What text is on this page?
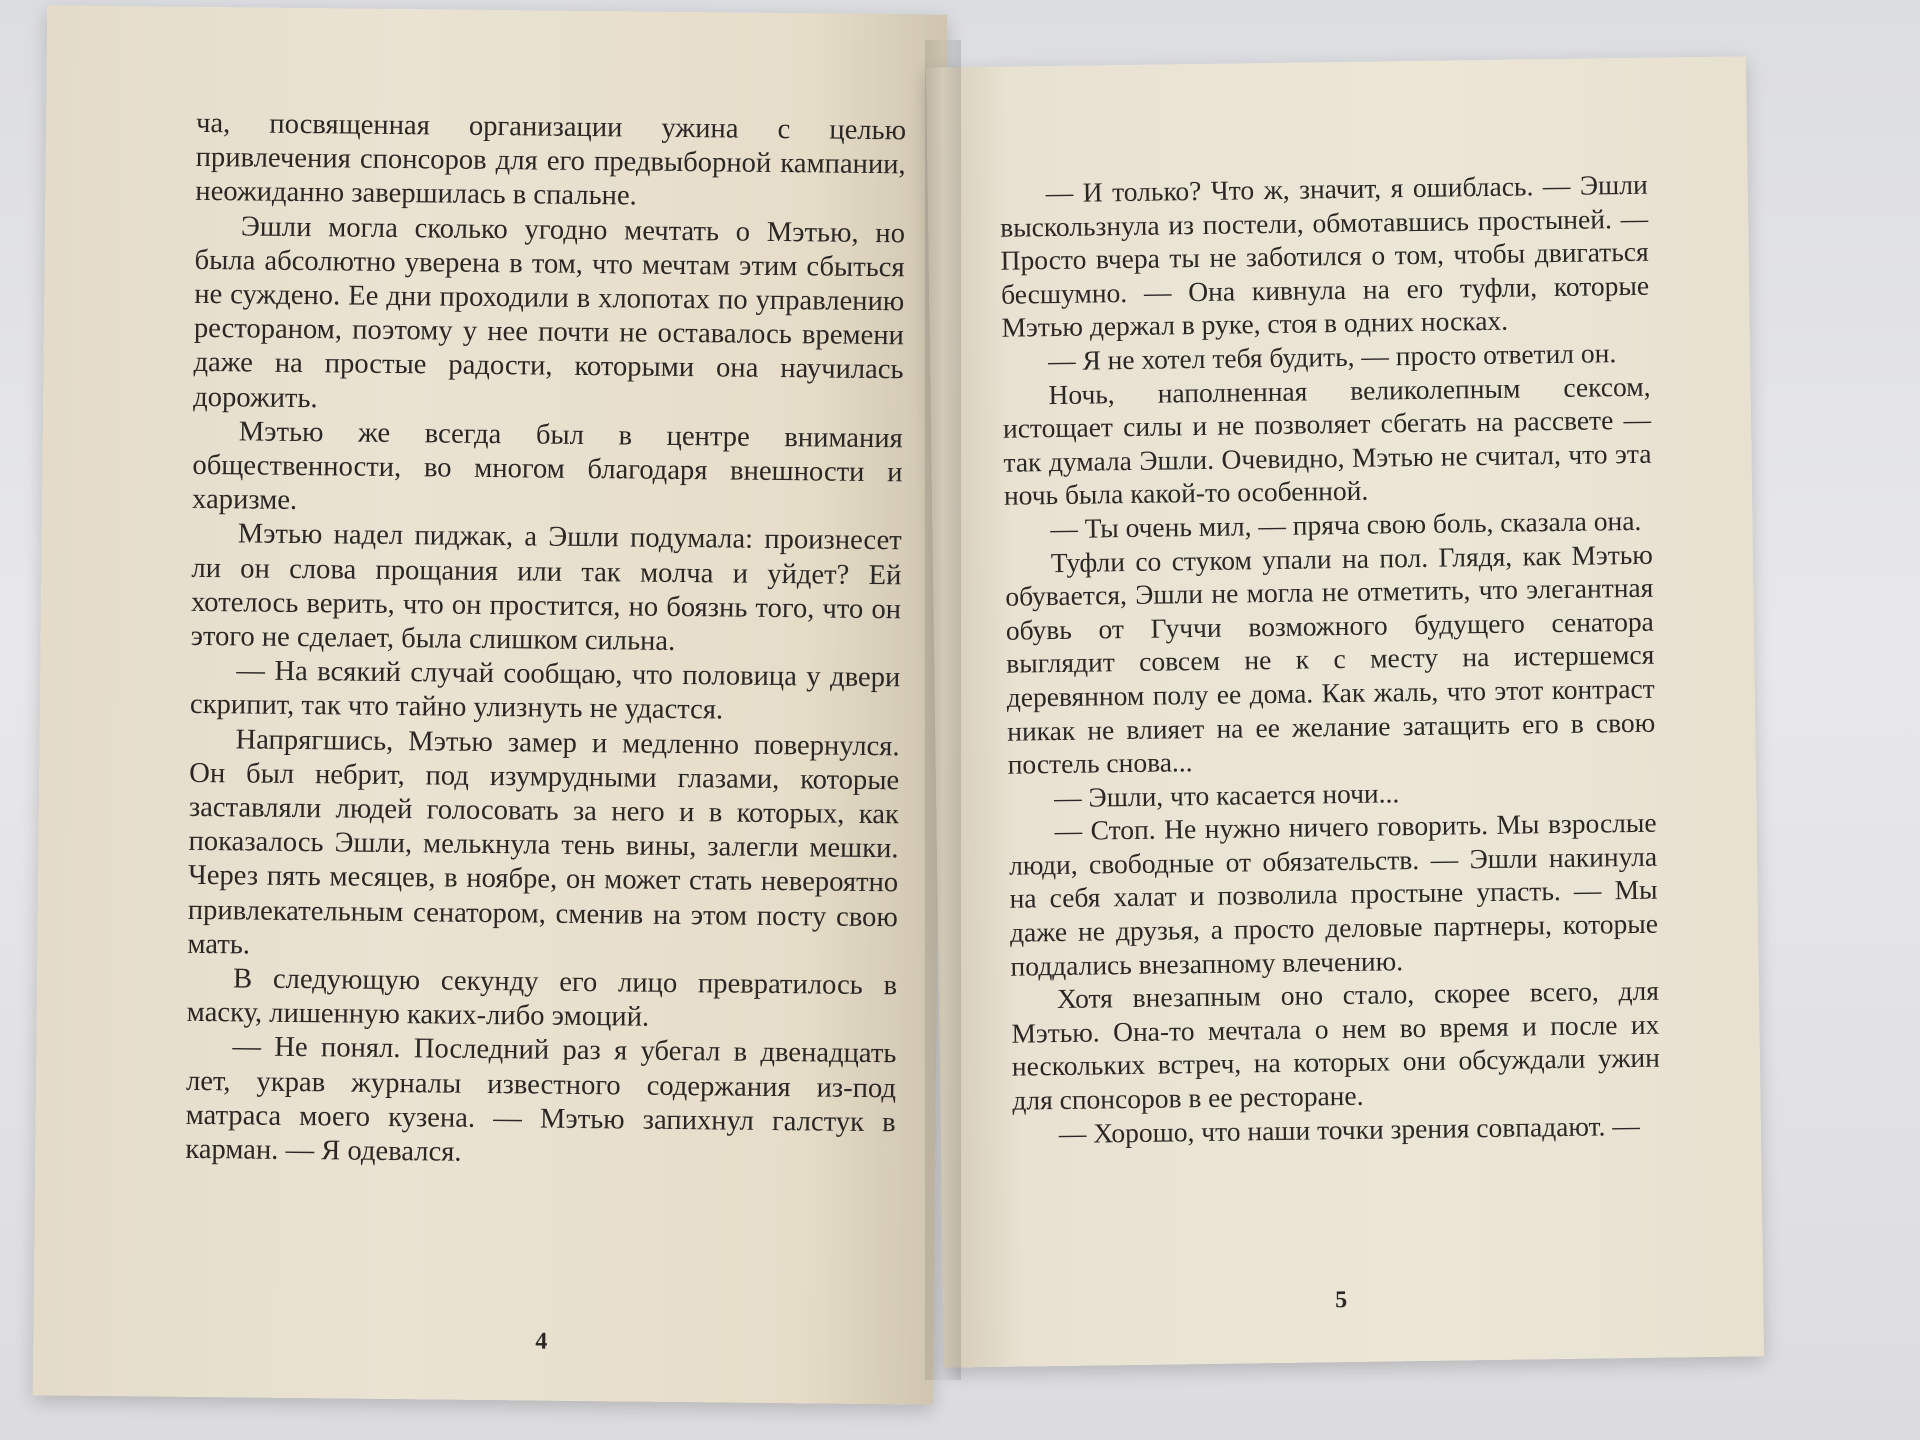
ча, посвященная организации ужина с целью привлечения спонсоров для его предвыборной кампании, неожиданно завершилась в спальне.

Эшли могла сколько угодно мечтать о Мэтью, но была абсолютно уверена в том, что мечтам этим сбыться не суждено. Ее дни проходили в хлопотах по управлению рестораном, поэтому у нее почти не оставалось времени даже на простые радости, которыми она научилась дорожить.

Мэтью же всегда был в центре внимания общественности, во многом благодаря внешности и харизме.

Мэтью надел пиджак, а Эшли подумала: произнесет ли он слова прощания или так молча и уйдет? Ей хотелось верить, что он простится, но боязнь того, что он этого не сделает, была слишком сильна.

— На всякий случай сообщаю, что половица у двери скрипит, так что тайно улизнуть не удастся.

Напрягшись, Мэтью замер и медленно повернулся. Он был небрит, под изумрудными глазами, которые заставляли людей голосовать за него и в которых, как показалось Эшли, мелькнула тень вины, залегли мешки. Через пять месяцев, в ноябре, он может стать невероятно привлекательным сенатором, сменив на этом посту свою мать.

В следующую секунду его лицо превратилось в маску, лишенную каких-либо эмоций.

— Не понял. Последний раз я убегал в двенадцать лет, украв журналы известного содержания из-под матраса моего кузена. — Мэтью запихнул галстук в карман. — Я одевался.

4

— И только? Что ж, значит, я ошиблась. — Эшли выскользнула из постели, обмотавшись простыней. — Просто вчера ты не заботился о том, чтобы двигаться бесшумно. — Она кивнула на его туфли, которые Мэтью держал в руке, стоя в одних носках.

— Я не хотел тебя будить, — просто ответил он.

Ночь, наполненная великолепным сексом, истощает силы и не позволяет сбегать на рассвете — так думала Эшли. Очевидно, Мэтью не считал, что эта ночь была какой-то особенной.

— Ты очень мил, — пряча свою боль, сказала она.

Туфли со стуком упали на пол. Глядя, как Мэтью обувается, Эшли не могла не отметить, что элегантная обувь от Гуччи возможного будущего сенатора выглядит совсем не к с месту на истершемся деревянном полу ее дома. Как жаль, что этот контраст никак не влияет на ее желание затащить его в свою постель снова...

— Эшли, что касается ночи...

— Стоп. Не нужно ничего говорить. Мы взрослые люди, свободные от обязательств. — Эшли накинула на себя халат и позволила простыне упасть. — Мы даже не друзья, а просто деловые партнеры, которые поддались внезапному влечению.

Хотя внезапным оно стало, скорее всего, для Мэтью. Она-то мечтала о нем во время и после их нескольких встреч, на которых они обсуждали ужин для спонсоров в ее ресторане.

— Хорошо, что наши точки зрения совпадают. —

5
